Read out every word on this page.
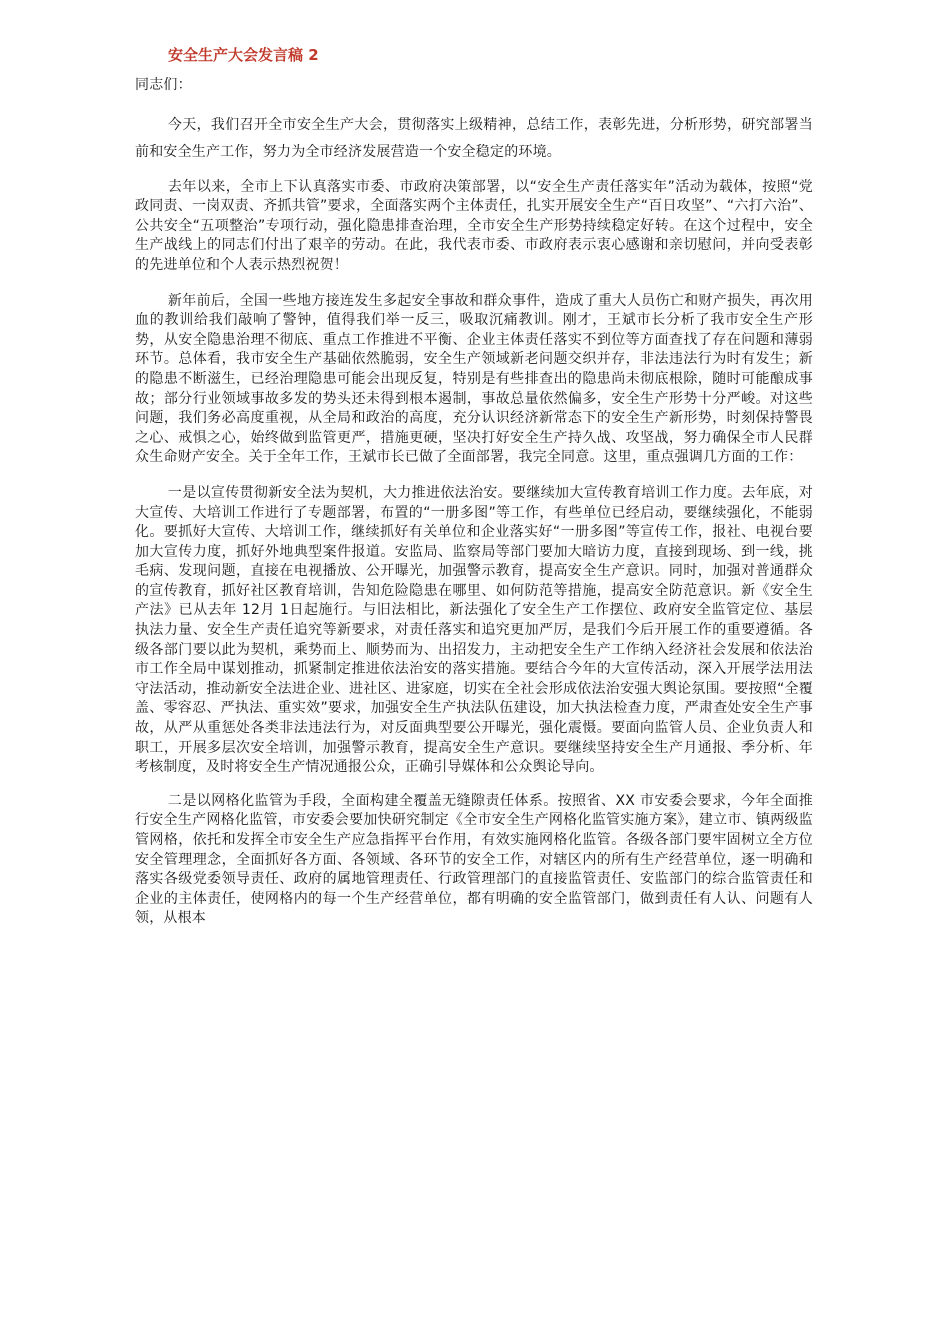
安全生产大会发言稿 2

同志们：

今天，我们召开全市安全生产大会，贯彻落实上级精神，总结工作，表彰先进，分析形势，研究部署当前和安全生产工作，努力为全市经济发展营造一个安全稳定的环境。

去年以来，全市上下认真落实市委、市政府决策部署，以“安全生产责任落实年”活动为载体，按照“党政同责、一岗双责、齐抓共管”要求，全面落实两个主体责任，扎实开展安全生产“百日攻坚”、“六打六治”、公共安全“五项整治”专项行动，强化隐患排查治理，全市安全生产形势持续稳定好转。在这个过程中，安全生产战线上的同志们付出了艰辛的劳动。在此，我代表市委、市政府表示衷心感谢和亲切慰问，并向受表彰的先进单位和个人表示热烈祝贺！

新年前后，全国一些地方接连发生多起安全事故和群众事件，造成了重大人员伤亡和财产损失，再次用血的教训给我们敲响了警钟，值得我们举一反三，吸取沉痛教训。刚才，王斌市长分析了我市安全生产形势，从安全隐患治理不彻底、重点工作推进不平衡、企业主体责任落实不到位等方面查找了存在问题和薄弱环节。总体看，我市安全生产基础依然脆弱，安全生产领域新老问题交织并存，非法违法行为时有发生；新的隐患不断滋生，已经治理隐患可能会出现反复，特别是有些排查出的隐患尚未彻底根除，随时可能酿成事故；部分行业领域事故多发的势头还未得到根本遏制，事故总量依然偏多，安全生产形势十分严峻。对这些问题，我们务必高度重视，从全局和政治的高度，充分认识经济新常态下的安全生产新形势，时刻保持警畏之心、戒惧之心，始终做到监管更严，措施更硬，坚决打好安全生产持久战、攻坚战，努力确保全市人民群众生命财产安全。关于全年工作，王斌市长已做了全面部署，我完全同意。这里，重点强调几方面的工作：

一是以宣传贯彻新安全法为契机，大力推进依法治安。要继续加大宣传教育培训工作力度。去年底，对大宣传、大培训工作进行了专题部署，布置的“一册多图”等工作，有些单位已经启动，要继续强化，不能弱化。要抓好大宣传、大培训工作，继续抓好有关单位和企业落实好“一册多图”等宣传工作，报社、电视台要加大宣传力度，抓好外地典型案件报道。安监局、监察局等部门要加大暗访力度，直接到现场、到一线，挑毛病、发现问题，直接在电视播放、公开曝光，加强警示教育，提高安全生产意识。同时，加强对普通群众的宣传教育，抓好社区教育培训，告知危险隐患在哪里、如何防范等措施，提高安全防范意识。新《安全生产法》已从去年 12月 1日起施行。与旧法相比，新法强化了安全生产工作摆位、政府安全监管定位、基层 执法力量、安全生产责任追究等新要求，对责任落实和追究更加严厉，是我们今后开展工作的重要遵循。各级各部门要以此为契机，乘势而上、顺势而为、出招发力，主动把安全生产工作纳入经济社会发展和依法治市工作全局中谋划推动，抓紧制定推进依法治安的落实措施。要结合今年的大宣传活动，深入开展学法用法守法活动，推动新安全法进企业、进社区、进家庭，切实在全社会形成依法治安强大舆论氛围。要按照“全覆盖、零容忍、严执法、重实效”要求，加强安全生产执法队伍建设，加大执法检查力度，严肃查处安全生产事故，从严从重惩处各类非法违法行为，对反面典型要公开曝光，强化震慑。要面向监管人员、企业负责人和职工，开展多层次安全培训，加强警示教育，提高安全生产意识。要继续坚持安全生产月通报、季分析、年考核制度，及时将安全生产情况通报公众，正确引导媒体和公众舆论导向。

二是以网格化监管为手段，全面构建全覆盖无缝隙责任体系。按照省、XX 市安委会要求，今年全面推行安全生产网格化监管，市安委会要加快研究制定《全市安全生产网格化监管实施方案》，建立市、镇两级监管网格，依托和发挥全市安全生产应急指挥平台作用，有效实施网格化监管。各级各部门要牢固树立全方位安全管理理念，全面抓好各方面、各领域、各环节的安全工作，对辖区内的所有生产经营单位，逐一明确和落实各级党委领导责任、政府的属地管理责任、行政管理部门的直接监管责任、安监部门的综合监管责任和企业的主体责任，使网格内的每一个生产经营单位，都有明确的安全监管部门，做到责任有人认、问题有人领，从根本
